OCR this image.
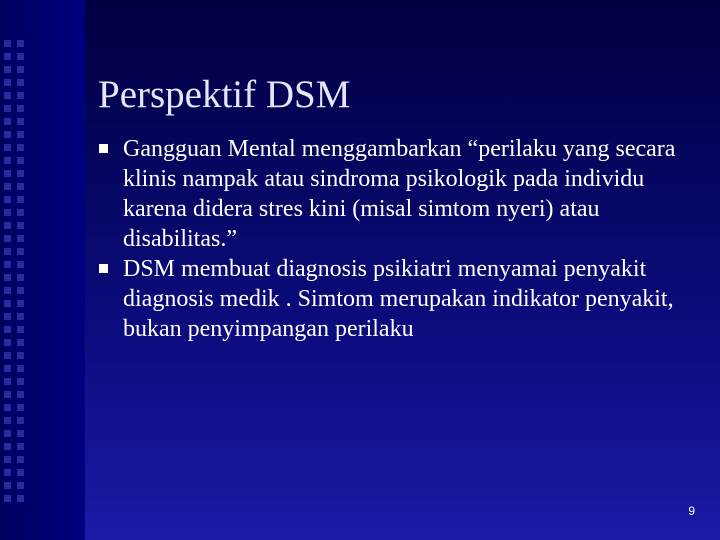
Perspektif DSM
Gangguan Mental menggambarkan “perilaku yang secara klinis nampak atau sindroma psikologik pada individu karena didera stres kini (misal simtom nyeri) atau disabilitas.”
DSM membuat diagnosis psikiatri menyamai penyakit diagnosis medik . Simtom merupakan indikator penyakit, bukan penyimpangan perilaku
9
